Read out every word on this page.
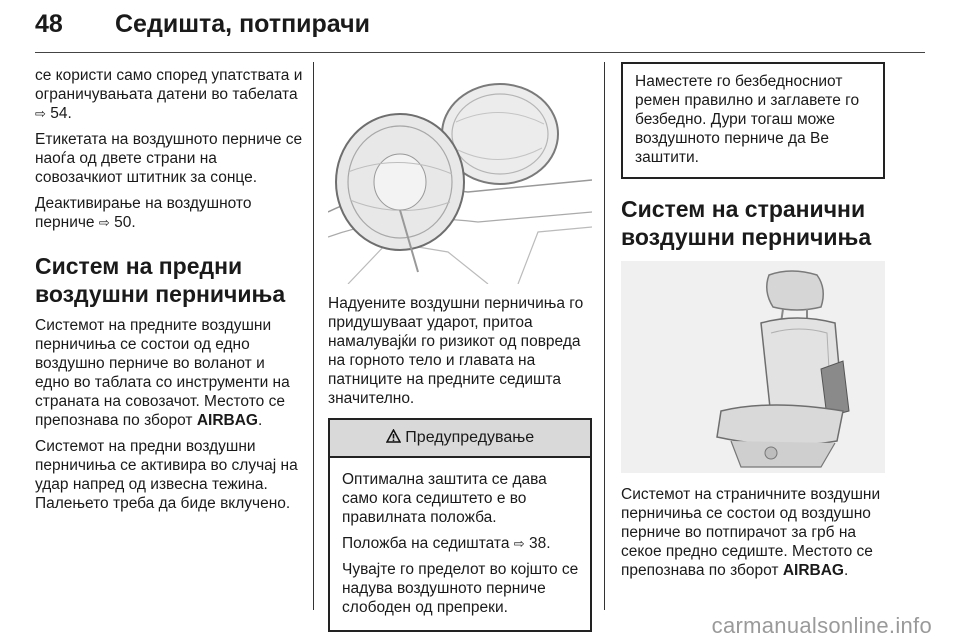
48 Седишта, потпирачи

се користи само според упатствата и ограничувањата датени во табелата ⇨ 54.

Етикетата на воздушното перниче се наоѓа од двете страни на совозачкиот штитник за сонце.

Деактивирање на воздушното перниче ⇨ 50.

Систем на предни воздушни перничиња

Системот на предните воздушни перничиња се состои од едно воздушно перниче во воланот и едно во таблата со инструменти на страната на совозачот. Местото се препознава по зборот AIRBAG.

Системот на предни воздушни перничиња се активира во случај на удар напред од извесна тежина. Палењето треба да биде вклучено.

Надуените воздушни перничиња го придушуваат ударот, притоа намалувајќи го ризикот од повреда на горното тело и главата на патниците на предните седишта значително.

Предупредување

Оптимална заштита се дава само кога седиштето е во правилната положба.

Положба на седиштата ⇨ 38.

Чувајте го пределот во којшто се надува воздушното перниче слободен од препреки.

Наместете го безбедносниот ремен правилно и заглавете го безбедно. Дури тогаш може воздушното перниче да Ве заштити.
Систем на странични воздушни перничиња

Системот на страничните воздушни перничиња се состои од воздушно перниче во потпирачот за грб на секое предно седиште. Местото се препознава по зборот AIRBAG.

carmanualsonline.info
